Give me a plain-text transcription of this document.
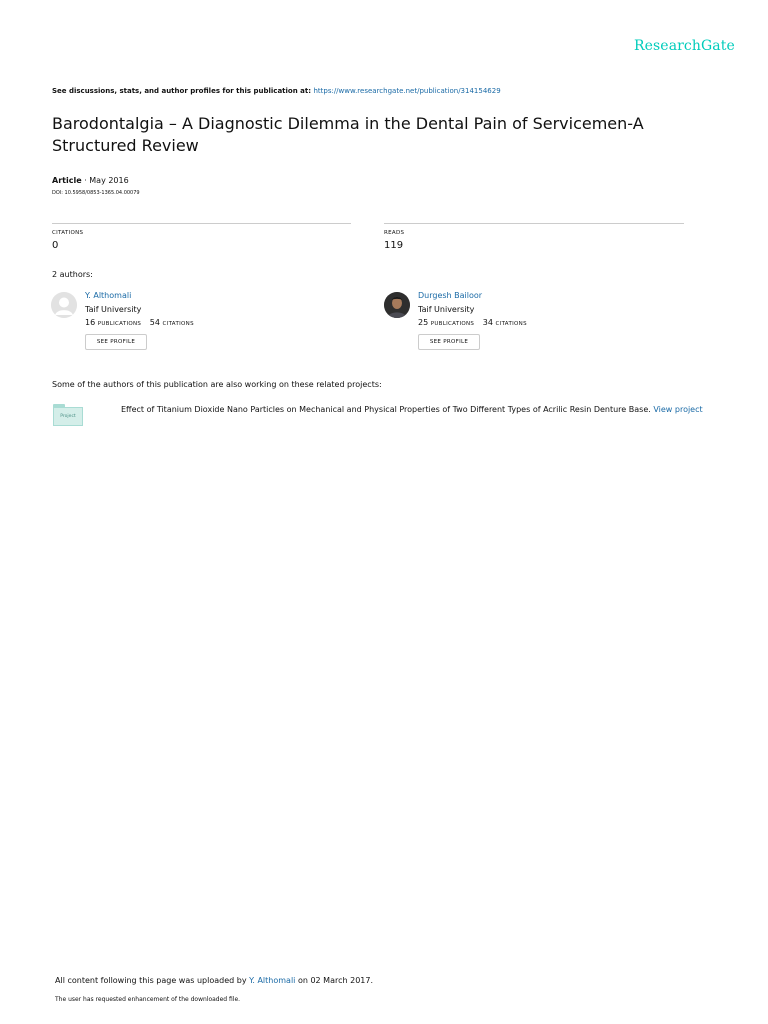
ResearchGate
See discussions, stats, and author profiles for this publication at: https://www.researchgate.net/publication/314154629
Barodontalgia – A Diagnostic Dilemma in the Dental Pain of Servicemen-A Structured Review
Article · May 2016
DOI: 10.5958/0853-1365.04.00079
CITATIONS
0
READS
119
2 authors:
Y. Althomali
Taif University
16 PUBLICATIONS 54 CITATIONS
SEE PROFILE
Durgesh Bailoor
Taif University
25 PUBLICATIONS 34 CITATIONS
SEE PROFILE
Some of the authors of this publication are also working on these related projects:
Project
Effect of Titanium Dioxide Nano Particles on Mechanical and Physical Properties of Two Different Types of Acrilic Resin Denture Base. View project
All content following this page was uploaded by Y. Althomali on 02 March 2017.
The user has requested enhancement of the downloaded file.
